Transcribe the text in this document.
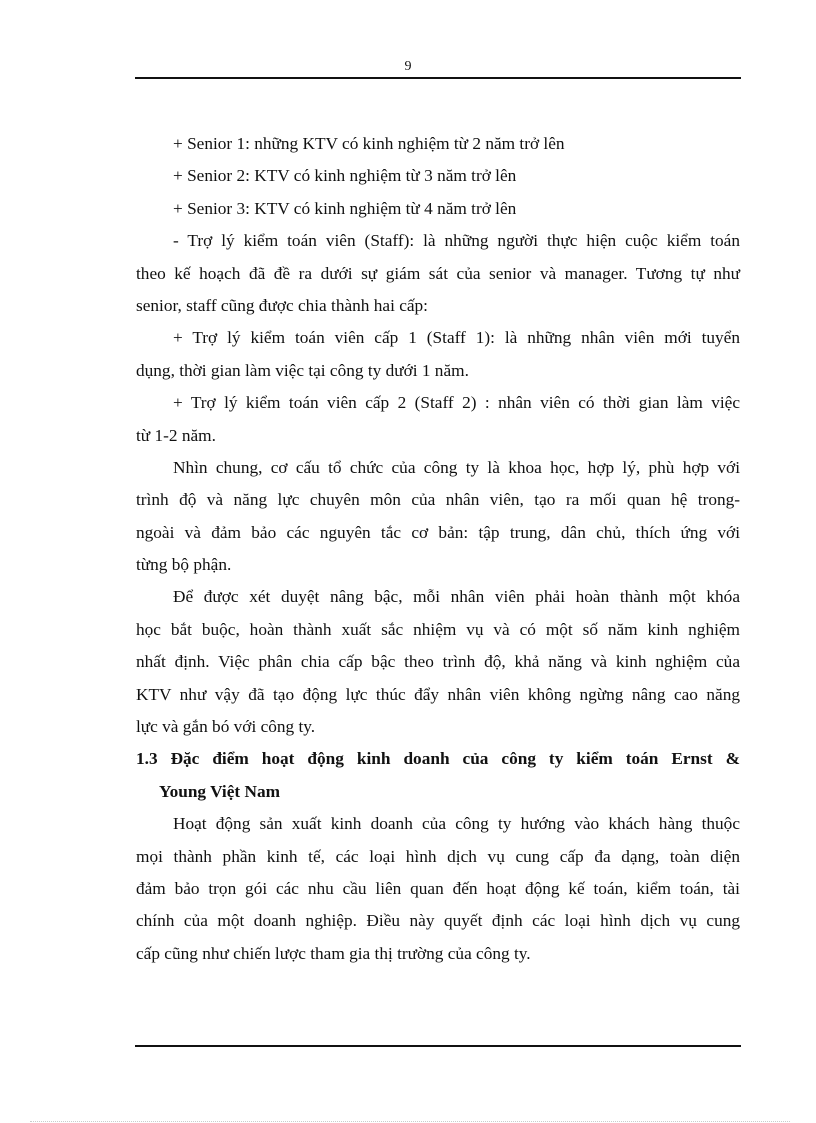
9
+ Senior 1: những KTV có kinh nghiệm từ 2 năm trở lên
+ Senior 2: KTV có kinh nghiệm từ 3 năm trở lên
+ Senior 3: KTV có kinh nghiệm từ 4 năm trở lên
- Trợ lý kiểm toán viên (Staff): là những người thực hiện cuộc kiểm toán
theo kế hoạch đã đề ra dưới sự giám sát của senior và manager. Tương tự như
senior, staff cũng được chia thành hai cấp:
+ Trợ lý kiểm toán viên cấp 1 (Staff 1): là những nhân viên mới tuyển
dụng, thời gian làm việc tại công ty dưới 1 năm.
+ Trợ lý kiểm toán viên cấp 2 (Staff 2) : nhân viên có thời gian làm việc
từ 1-2 năm.
Nhìn chung, cơ cấu tổ chức của công ty là khoa học, hợp lý, phù hợp với
trình độ và năng lực chuyên môn của nhân viên, tạo ra mối quan hệ trong-
ngoài và đảm bảo các nguyên tắc cơ bản: tập trung, dân chủ, thích ứng với
từng bộ phận.
Để được xét duyệt nâng bậc, mỗi nhân viên phải hoàn thành một khóa
học bắt buộc, hoàn thành xuất sắc nhiệm vụ và có một số năm kinh nghiệm
nhất định. Việc phân chia cấp bậc theo trình độ, khả năng và kinh nghiệm của
KTV như vậy đã tạo động lực thúc đẩy nhân viên không ngừng nâng cao năng
lực và gắn bó với công ty.
1.3 Đặc điểm hoạt động kinh doanh của công ty kiểm toán Ernst &
Young Việt Nam
Hoạt động sản xuất kinh doanh của công ty hướng vào khách hàng thuộc
mọi thành phần kinh tế, các loại hình dịch vụ cung cấp đa dạng, toàn diện
đảm bảo trọn gói các nhu cầu liên quan đến hoạt động kế toán, kiểm toán, tài
chính của một doanh nghiệp. Điều này quyết định các loại hình dịch vụ cung
cấp cũng như chiến lược tham gia thị trường của công ty.
